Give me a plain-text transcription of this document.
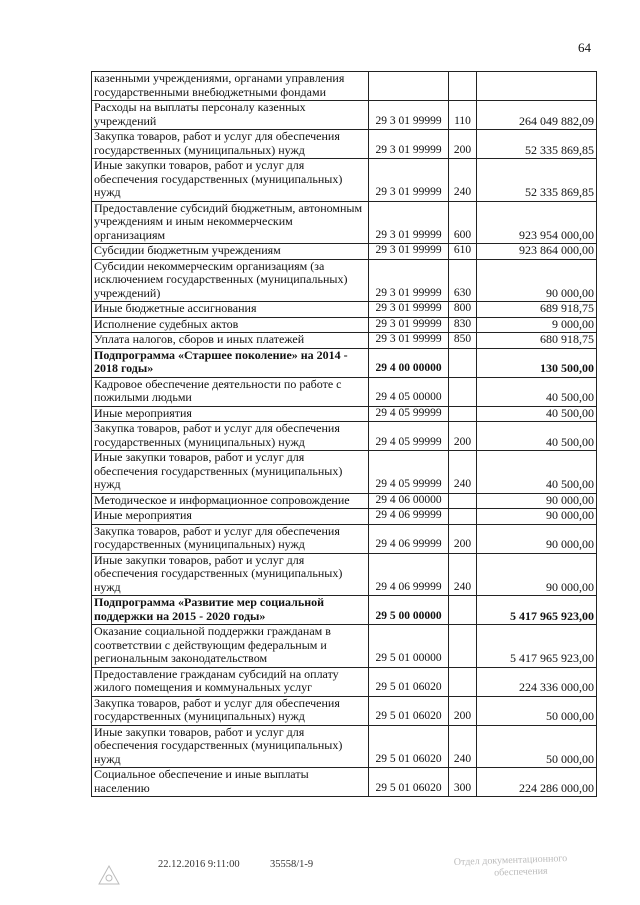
64
казенными учреждениями, органами управления государственными внебюджетными фондами			
Расходы на выплаты персоналу казенных учреждений	29 3 01 99999	110	264 049 882,09
Закупка товаров, работ и услуг для обеспечения государственных (муниципальных) нужд	29 3 01 99999	200	52 335 869,85
Иные закупки товаров, работ и услуг для обеспечения государственных (муниципальных) нужд	29 3 01 99999	240	52 335 869,85
Предоставление субсидий бюджетным, автономным учреждениям и иным некоммерческим организациям	29 3 01 99999	600	923 954 000,00
Субсидии бюджетным учреждениям	29 3 01 99999	610	923 864 000,00
Субсидии некоммерческим организациям (за исключением государственных (муниципальных) учреждений)	29 3 01 99999	630	90 000,00
Иные бюджетные ассигнования	29 3 01 99999	800	689 918,75
Исполнение судебных актов	29 3 01 99999	830	9 000,00
Уплата налогов, сборов и иных платежей	29 3 01 99999	850	680 918,75
Подпрограмма «Старшее поколение» на 2014 - 2018 годы»	29 4 00 00000		130 500,00
Кадровое обеспечение деятельности по работе с пожилыми людьми	29 4 05 00000		40 500,00
Иные мероприятия	29 4 05 99999		40 500,00
Закупка товаров, работ и услуг для обеспечения государственных (муниципальных) нужд	29 4 05 99999	200	40 500,00
Иные закупки товаров, работ и услуг для обеспечения государственных (муниципальных) нужд	29 4 05 99999	240	40 500,00
Методическое и информационное сопровождение	29 4 06 00000		90 000,00
Иные мероприятия	29 4 06 99999		90 000,00
Закупка товаров, работ и услуг для обеспечения государственных (муниципальных) нужд	29 4 06 99999	200	90 000,00
Иные закупки товаров, работ и услуг для обеспечения государственных (муниципальных) нужд	29 4 06 99999	240	90 000,00
Подпрограмма «Развитие мер социальной поддержки на 2015 - 2020 годы»	29 5 00 00000		5 417 965 923,00
Оказание социальной поддержки гражданам в соответствии с действующим федеральным и региональным законодательством	29 5 01 00000		5 417 965 923,00
Предоставление гражданам субсидий на оплату жилого помещения и коммунальных услуг	29 5 01 06020		224 336 000,00
Закупка товаров, работ и услуг для обеспечения государственных (муниципальных) нужд	29 5 01 06020	200	50 000,00
Иные закупки товаров, работ и услуг для обеспечения государственных (муниципальных) нужд	29 5 01 06020	240	50 000,00
Социальное обеспечение и иные выплаты населению	29 5 01 06020	300	224 286 000,00
22.12.2016 9:11:00	35558/1-9	Отдел документационного
обеспечения
